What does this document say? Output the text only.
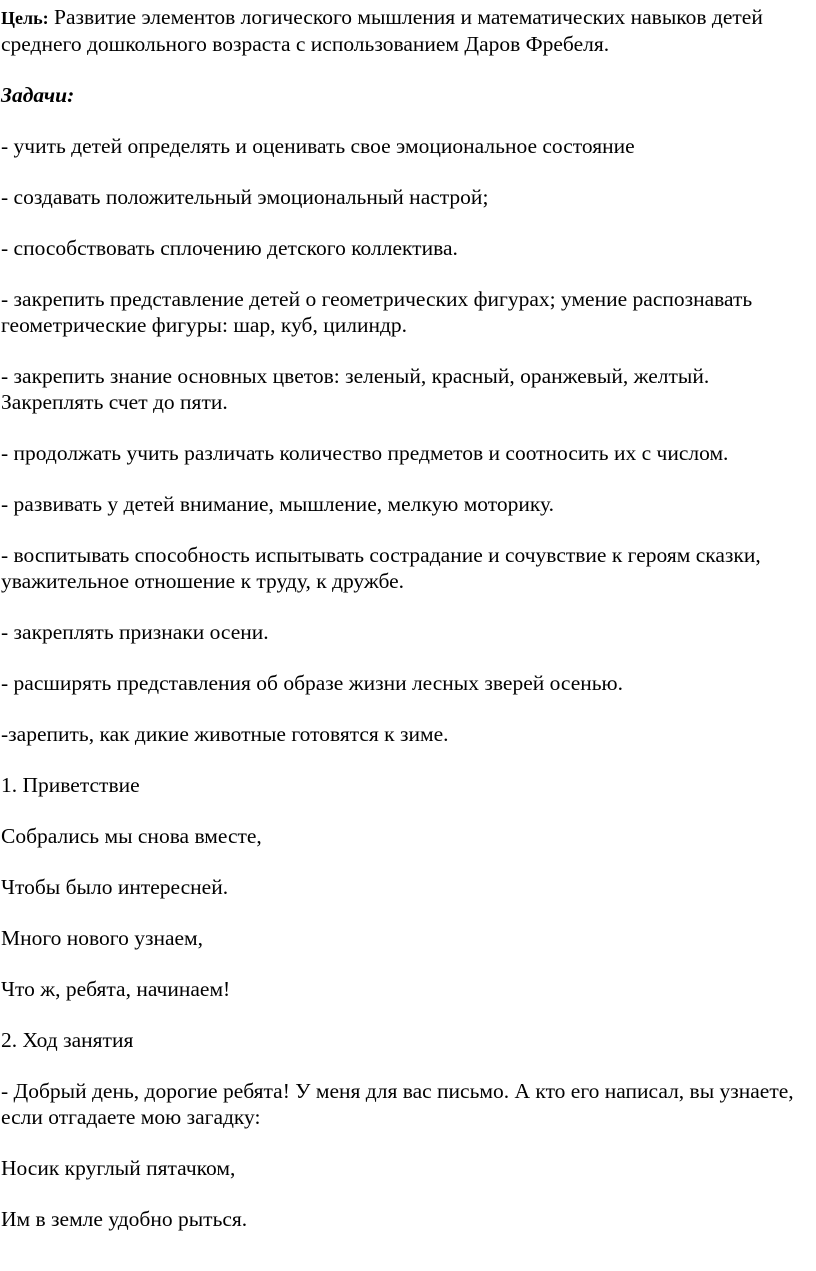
Цель: Развитие элементов логического мышления и математических навыков детей среднего дошкольного возраста с использованием Даров Фребеля.

Задачи:

- учить детей определять и оценивать свое эмоциональное состояние

- создавать положительный эмоциональный настрой;

- способствовать сплочению детского коллектива.

- закрепить представление детей о геометрических фигурах; умение распознавать геометрические фигуры: шар, куб, цилиндр.

- закрепить знание основных цветов: зеленый, красный, оранжевый, желтый. Закреплять счет до пяти.

- продолжать учить различать количество предметов и соотносить их с числом.

- развивать у детей внимание, мышление, мелкую моторику.

- воспитывать способность испытывать сострадание и сочувствие к героям сказки, уважительное отношение к труду, к дружбе.

- закреплять признаки осени.

- расширять представления об образе жизни лесных зверей осенью.

-зарепить, как дикие животные готовятся к зиме.

1. Приветствие

Собрались мы снова вместе,

Чтобы было интересней.

Много нового узнаем,

Что ж, ребята, начинаем!

2. Ход занятия

- Добрый день, дорогие ребята! У меня для вас письмо. А кто его написал, вы узнаете, если отгадаете мою загадку:

Носик круглый пятачком,

Им в земле удобно рыться.
